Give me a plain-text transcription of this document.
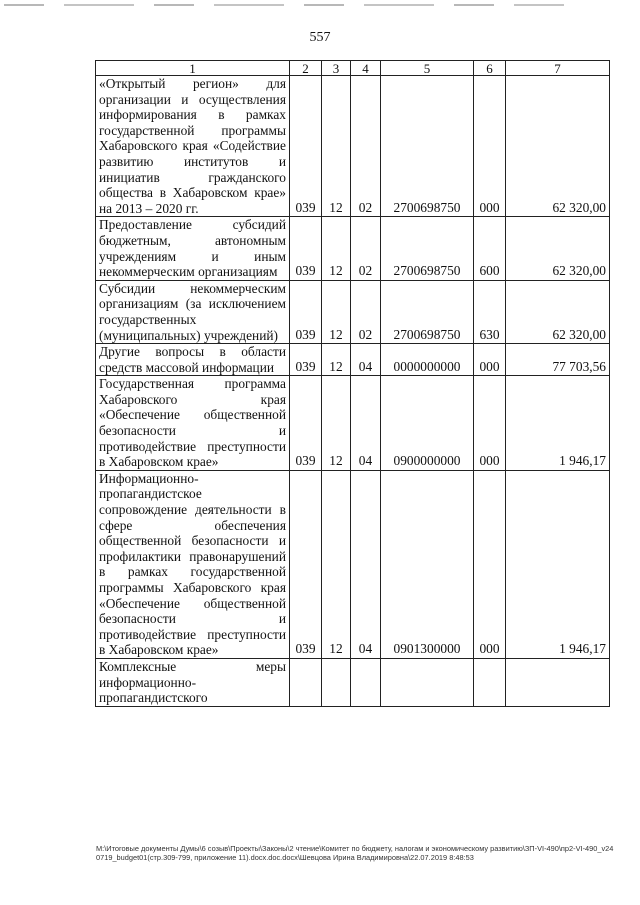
557
1	2	3	4	5	6	7
«Открытый регион» для организации и осуществления информирования в рамках государственной программы Хабаровского края «Содействие развитию институтов и инициатив гражданского общества в Хабаровском крае» на 2013 – 2020 гг.	039	12	02	2700698750	000	62 320,00
Предоставление субсидий бюджетным, автономным учреждениям и иным некоммерческим организациям	039	12	02	2700698750	600	62 320,00
Субсидии некоммерческим организациям (за исключением государственных (муниципальных) учреждений)	039	12	02	2700698750	630	62 320,00
Другие вопросы в области средств массовой информации	039	12	04	0000000000	000	77 703,56
Государственная программа Хабаровского края «Обеспечение общественной безопасности и противодействие преступности в Хабаровском крае»	039	12	04	0900000000	000	1 946,17
Информационно-пропагандистское сопровождение деятельности в сфере обеспечения общественной безопасности и профилактики правонарушений в рамках государственной программы Хабаровского края «Обеспечение общественной безопасности и противодействие преступности в Хабаровском крае»	039	12	04	0901300000	000	1 946,17
Комплексные меры информационно-пропагандистского						
M:\Итоговые документы Думы\6 созыв\Проекты\Законы\2 чтение\Комитет по бюджету, налогам и экономическому развитию\ЗП-VI-490\пр2-VI-490_v240719_budget01(стр.309-799, приложение 11).docx.doc.docx\Шевцова Ирина Владимировна\22.07.2019 8:48:53
